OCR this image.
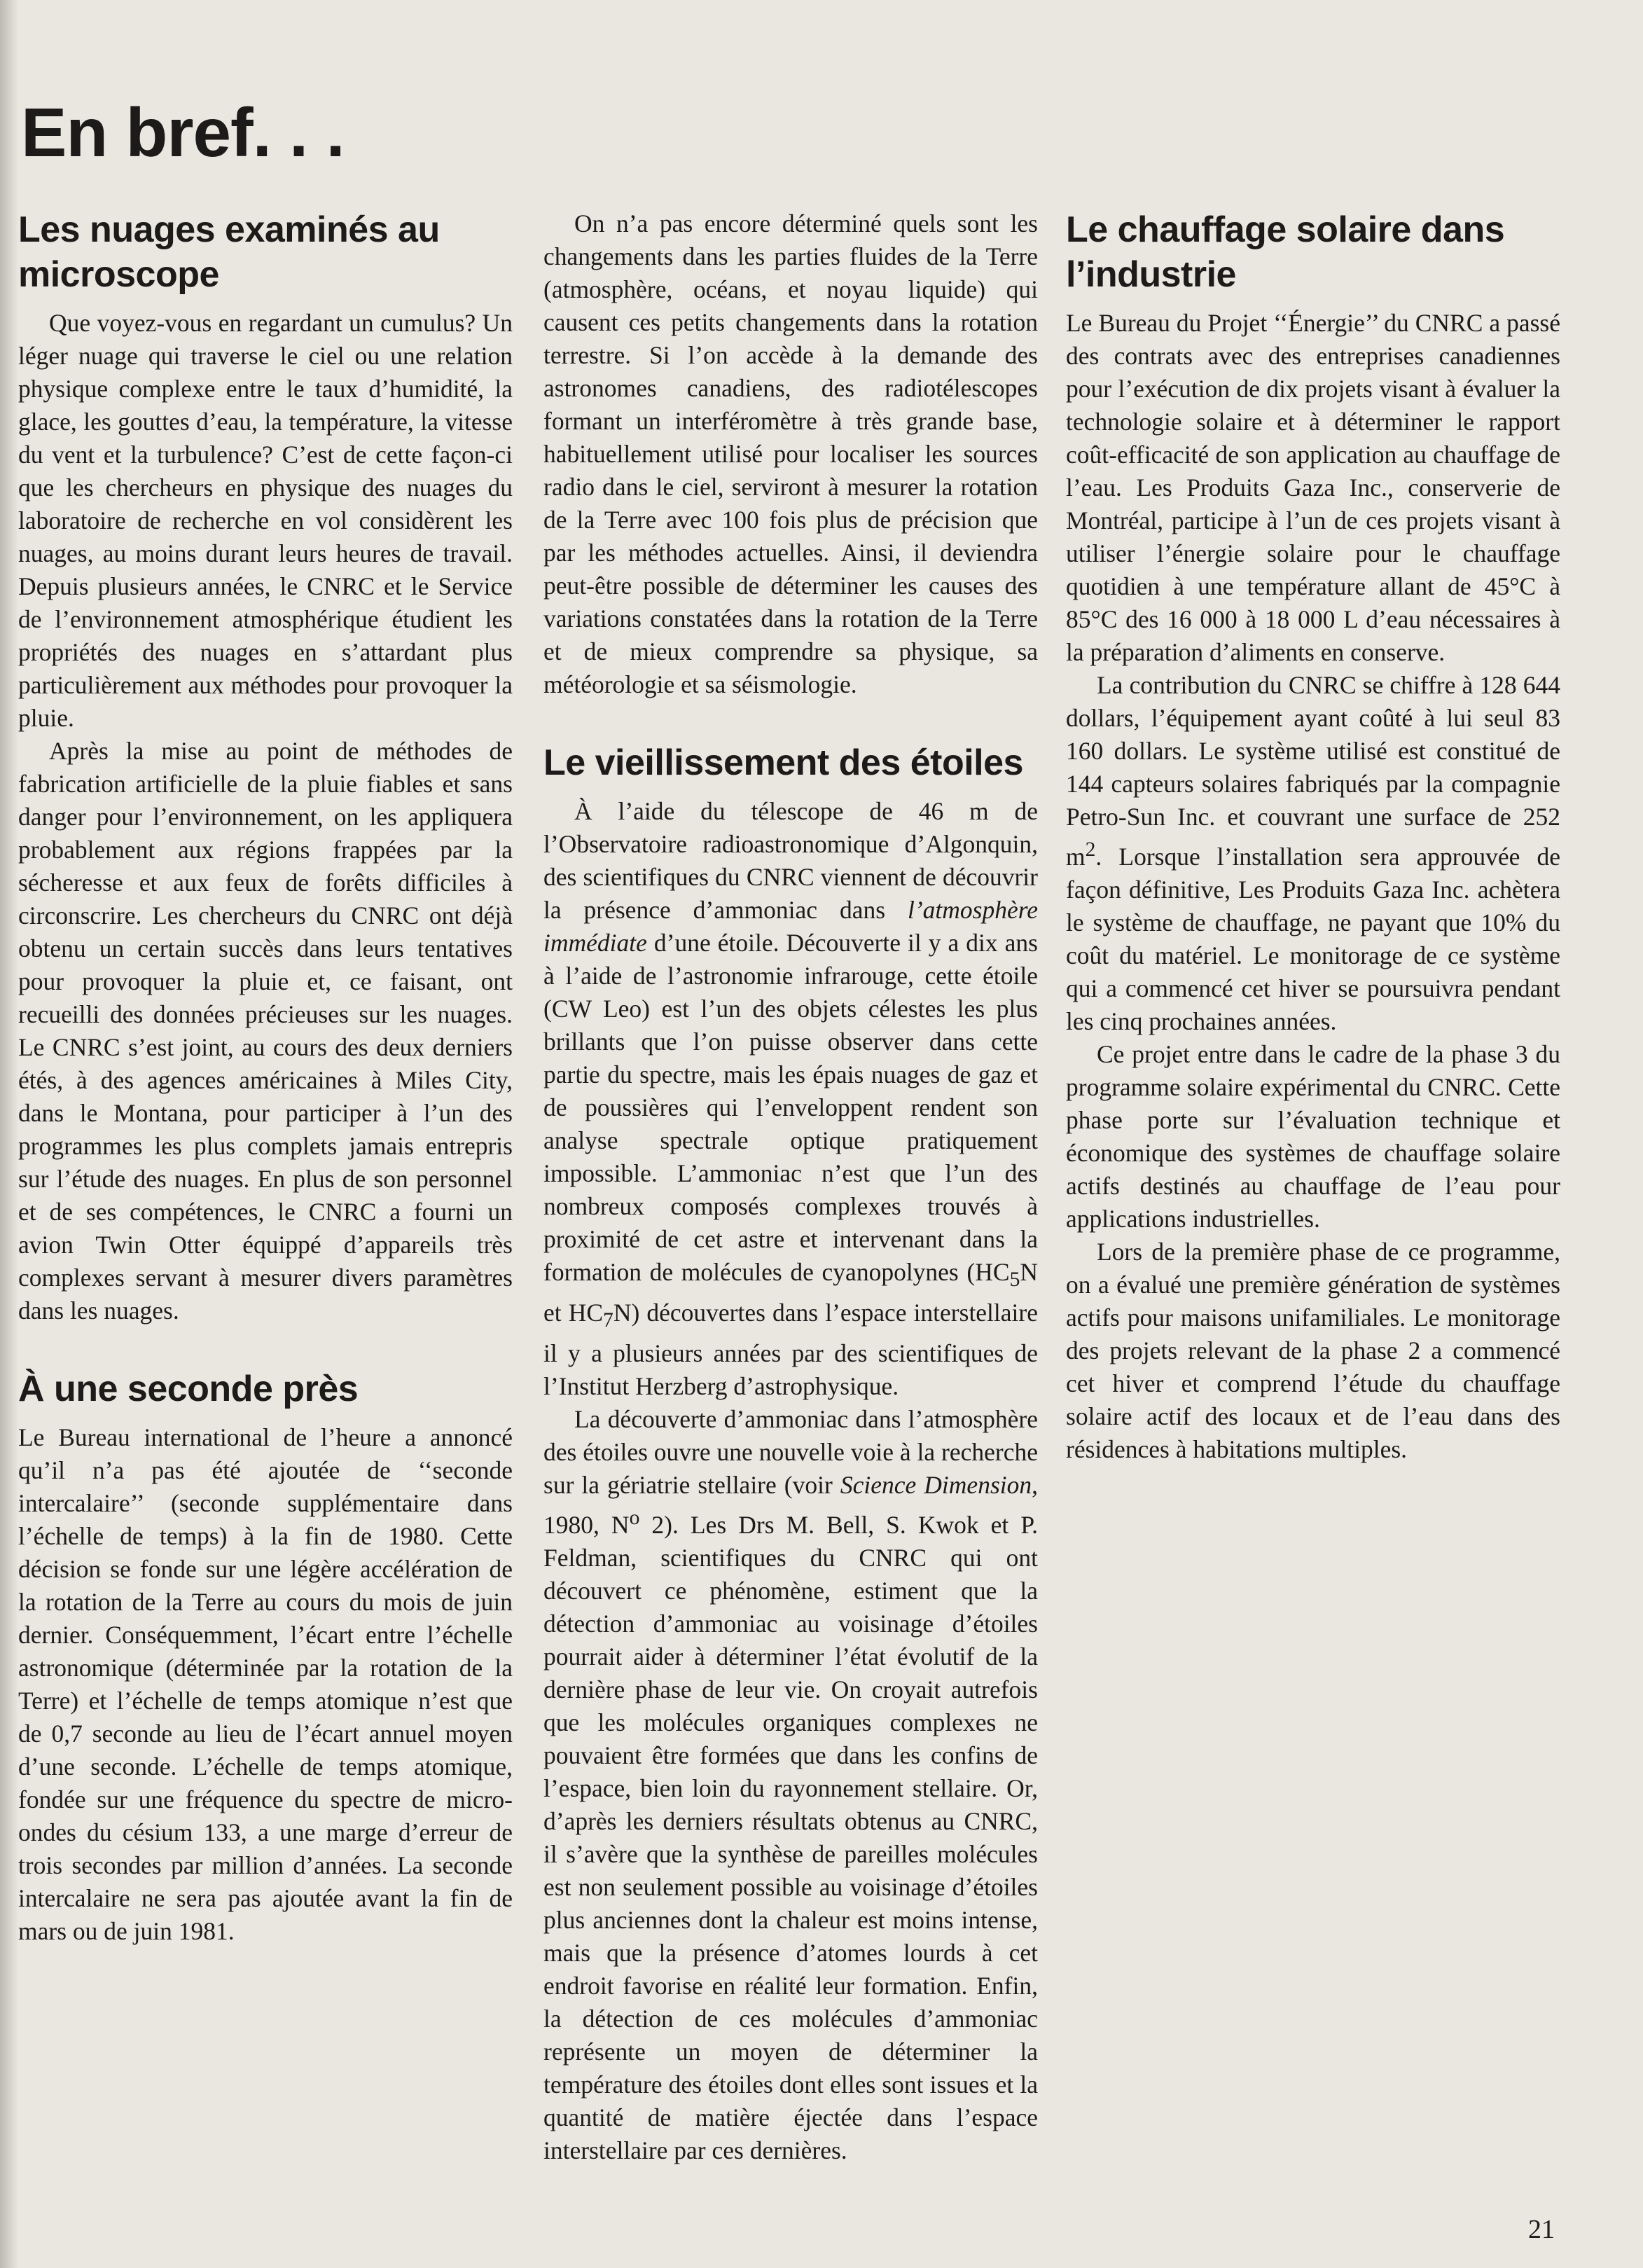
En bref. . .
Les nuages examinés au microscope

Que voyez-vous en regardant un cumulus? Un léger nuage qui traverse le ciel ou une relation physique complexe entre le taux d’humidité, la glace, les gouttes d’eau, la température, la vitesse du vent et la turbulence? C’est de cette façon-ci que les chercheurs en physique des nuages du laboratoire de recherche en vol considèrent les nuages, au moins durant leurs heures de travail. Depuis plusieurs années, le CNRC et le Service de l’environnement atmosphérique étudient les propriétés des nuages en s’attardant plus particulièrement aux méthodes pour provoquer la pluie.

Après la mise au point de méthodes de fabrication artificielle de la pluie fiables et sans danger pour l’environnement, on les appliquera probablement aux régions frappées par la sécheresse et aux feux de forêts difficiles à circonscrire. Les chercheurs du CNRC ont déjà obtenu un certain succès dans leurs tentatives pour provoquer la pluie et, ce faisant, ont recueilli des données précieuses sur les nuages. Le CNRC s’est joint, au cours des deux derniers étés, à des agences américaines à Miles City, dans le Montana, pour participer à l’un des programmes les plus complets jamais entrepris sur l’étude des nuages. En plus de son personnel et de ses compétences, le CNRC a fourni un avion Twin Otter équippé d’appareils très complexes servant à mesurer divers paramètres dans les nuages.

À une seconde près

Le Bureau international de l’heure a annoncé qu’il n’a pas été ajoutée de ‘‘seconde intercalaire’’ (seconde supplémentaire dans l’échelle de temps) à la fin de 1980. Cette décision se fonde sur une légère accélération de la rotation de la Terre au cours du mois de juin dernier. Conséquemment, l’écart entre l’échelle astronomique (déterminée par la rotation de la Terre) et l’échelle de temps atomique n’est que de 0,7 seconde au lieu de l’écart annuel moyen d’une seconde. L’échelle de temps atomique, fondée sur une fréquence du spectre de micro-ondes du césium 133, a une marge d’erreur de trois secondes par million d’années. La seconde intercalaire ne sera pas ajoutée avant la fin de mars ou de juin 1981.

On n’a pas encore déterminé quels sont les changements dans les parties fluides de la Terre (atmosphère, océans, et noyau liquide) qui causent ces petits changements dans la rotation terrestre. Si l’on accède à la demande des astronomes canadiens, des radiotélescopes formant un interféromètre à très grande base, habituellement utilisé pour localiser les sources radio dans le ciel, serviront à mesurer la rotation de la Terre avec 100 fois plus de précision que par les méthodes actuelles. Ainsi, il deviendra peut-être possible de déterminer les causes des variations constatées dans la rotation de la Terre et de mieux comprendre sa physique, sa météorologie et sa séismologie.

Le vieillissement des étoiles

À l’aide du télescope de 46 m de l’Observatoire radioastronomique d’Algonquin, des scientifiques du CNRC viennent de découvrir la présence d’ammoniac dans l’atmosphère immédiate d’une étoile. Découverte il y a dix ans à l’aide de l’astronomie infrarouge, cette étoile (CW Leo) est l’un des objets célestes les plus brillants que l’on puisse observer dans cette partie du spectre, mais les épais nuages de gaz et de poussières qui l’enveloppent rendent son analyse spectrale optique pratiquement impossible. L’ammoniac n’est que l’un des nombreux composés complexes trouvés à proximité de cet astre et intervenant dans la formation de molécules de cyanopolynes ($HC_5N$ et $HC_7N$) découvertes dans l’espace interstellaire il y a plusieurs années par des scientifiques de l’Institut Herzberg d’astrophysique.

La découverte d’ammoniac dans l’atmosphère des étoiles ouvre une nouvelle voie à la recherche sur la gériatrie stellaire (voir Science Dimension, 1980, $N^o$ 2). Les Drs M. Bell, S. Kwok et P. Feldman, scientifiques du CNRC qui ont découvert ce phénomène, estiment que la détection d’ammoniac au voisinage d’étoiles pourrait aider à déterminer l’état évolutif de la dernière phase de leur vie. On croyait autrefois que les molécules organiques complexes ne pouvaient être formées que dans les confins de l’espace, bien loin du rayonnement stellaire. Or, d’après les derniers résultats obtenus au CNRC, il s’avère que la synthèse de pareilles molécules est non seulement possible au voisinage d’étoiles plus anciennes dont la chaleur est moins intense, mais que la présence d’atomes lourds à cet endroit favorise en réalité leur formation. Enfin, la détection de ces molécules d’ammoniac représente un moyen de déterminer la température des étoiles dont elles sont issues et la quantité de matière éjectée dans l’espace interstellaire par ces dernières.

Le chauffage solaire dans l’industrie

Le Bureau du Projet ‘‘Énergie’’ du CNRC a passé des contrats avec des entreprises canadiennes pour l’exécution de dix projets visant à évaluer la technologie solaire et à déterminer le rapport coût-efficacité de son application au chauffage de l’eau. Les Produits Gaza Inc., conserverie de Montréal, participe à l’un de ces projets visant à utiliser l’énergie solaire pour le chauffage quotidien à une température allant de 45°C à 85°C des 16 000 à 18 000 L d’eau nécessaires à la préparation d’aliments en conserve.

La contribution du CNRC se chiffre à 128 644 dollars, l’équipement ayant coûté à lui seul 83 160 dollars. Le système utilisé est constitué de 144 capteurs solaires fabriqués par la compagnie Petro-Sun Inc. et couvrant une surface de 252 $m^2$. Lorsque l’installation sera approuvée de façon définitive, Les Produits Gaza Inc. achètera le système de chauffage, ne payant que 10% du coût du matériel. Le monitorage de ce système qui a commencé cet hiver se poursuivra pendant les cinq prochaines années.

Ce projet entre dans le cadre de la phase 3 du programme solaire expérimental du CNRC. Cette phase porte sur l’évaluation technique et économique des systèmes de chauffage solaire actifs destinés au chauffage de l’eau pour applications industrielles.

Lors de la première phase de ce programme, on a évalué une première génération de systèmes actifs pour maisons unifamiliales. Le monitorage des projets relevant de la phase 2 a commencé cet hiver et comprend l’étude du chauffage solaire actif des locaux et de l’eau dans des résidences à habitations multiples.

21
